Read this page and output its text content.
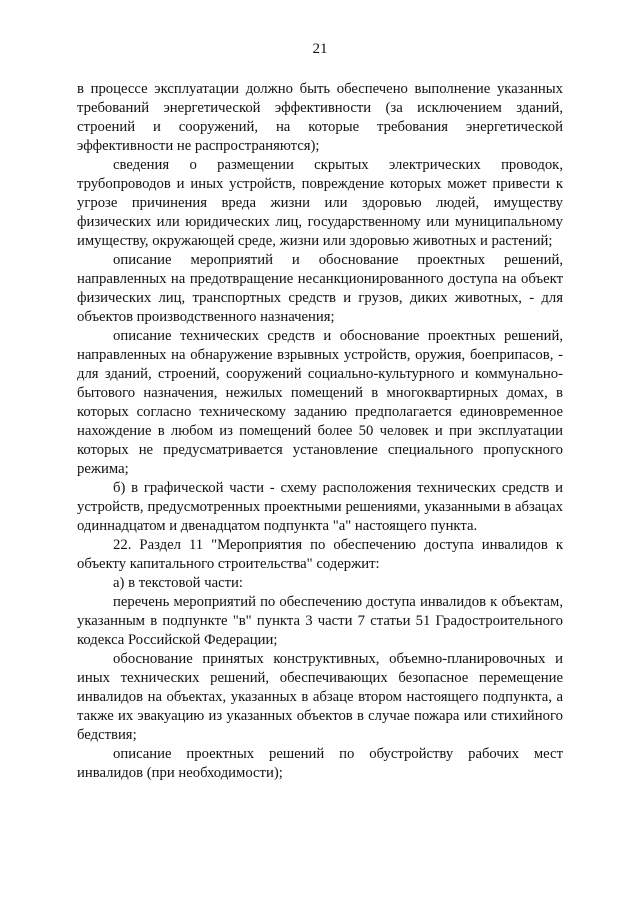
21

в процессе эксплуатации должно быть обеспечено выполнение указанных требований энергетической эффективности (за исключением зданий, строений и сооружений, на которые требования энергетической эффективности не распространяются);

сведения о размещении скрытых электрических проводок, трубопроводов и иных устройств, повреждение которых может привести к угрозе причинения вреда жизни или здоровью людей, имуществу физических или юридических лиц, государственному или муниципальному имуществу, окружающей среде, жизни или здоровью животных и растений;

описание мероприятий и обоснование проектных решений, направленных на предотвращение несанкционированного доступа на объект физических лиц, транспортных средств и грузов, диких животных, - для объектов производственного назначения;

описание технических средств и обоснование проектных решений, направленных на обнаружение взрывных устройств, оружия, боеприпасов, - для зданий, строений, сооружений социально-культурного и коммунально-бытового назначения, нежилых помещений в многоквартирных домах, в которых согласно техническому заданию предполагается единовременное нахождение в любом из помещений более 50 человек и при эксплуатации которых не предусматривается установление специального пропускного режима;

б) в графической части - схему расположения технических средств и устройств, предусмотренных проектными решениями, указанными в абзацах одиннадцатом и двенадцатом подпункта "а" настоящего пункта.

22. Раздел 11 "Мероприятия по обеспечению доступа инвалидов к объекту капитального строительства" содержит:

а) в текстовой части:

перечень мероприятий по обеспечению доступа инвалидов к объектам, указанным в подпункте "в" пункта 3 части 7 статьи 51 Градостроительного кодекса Российской Федерации;

обоснование принятых конструктивных, объемно-планировочных и иных технических решений, обеспечивающих безопасное перемещение инвалидов на объектах, указанных в абзаце втором настоящего подпункта, а также их эвакуацию из указанных объектов в случае пожара или стихийного бедствия;

описание проектных решений по обустройству рабочих мест инвалидов (при необходимости);
